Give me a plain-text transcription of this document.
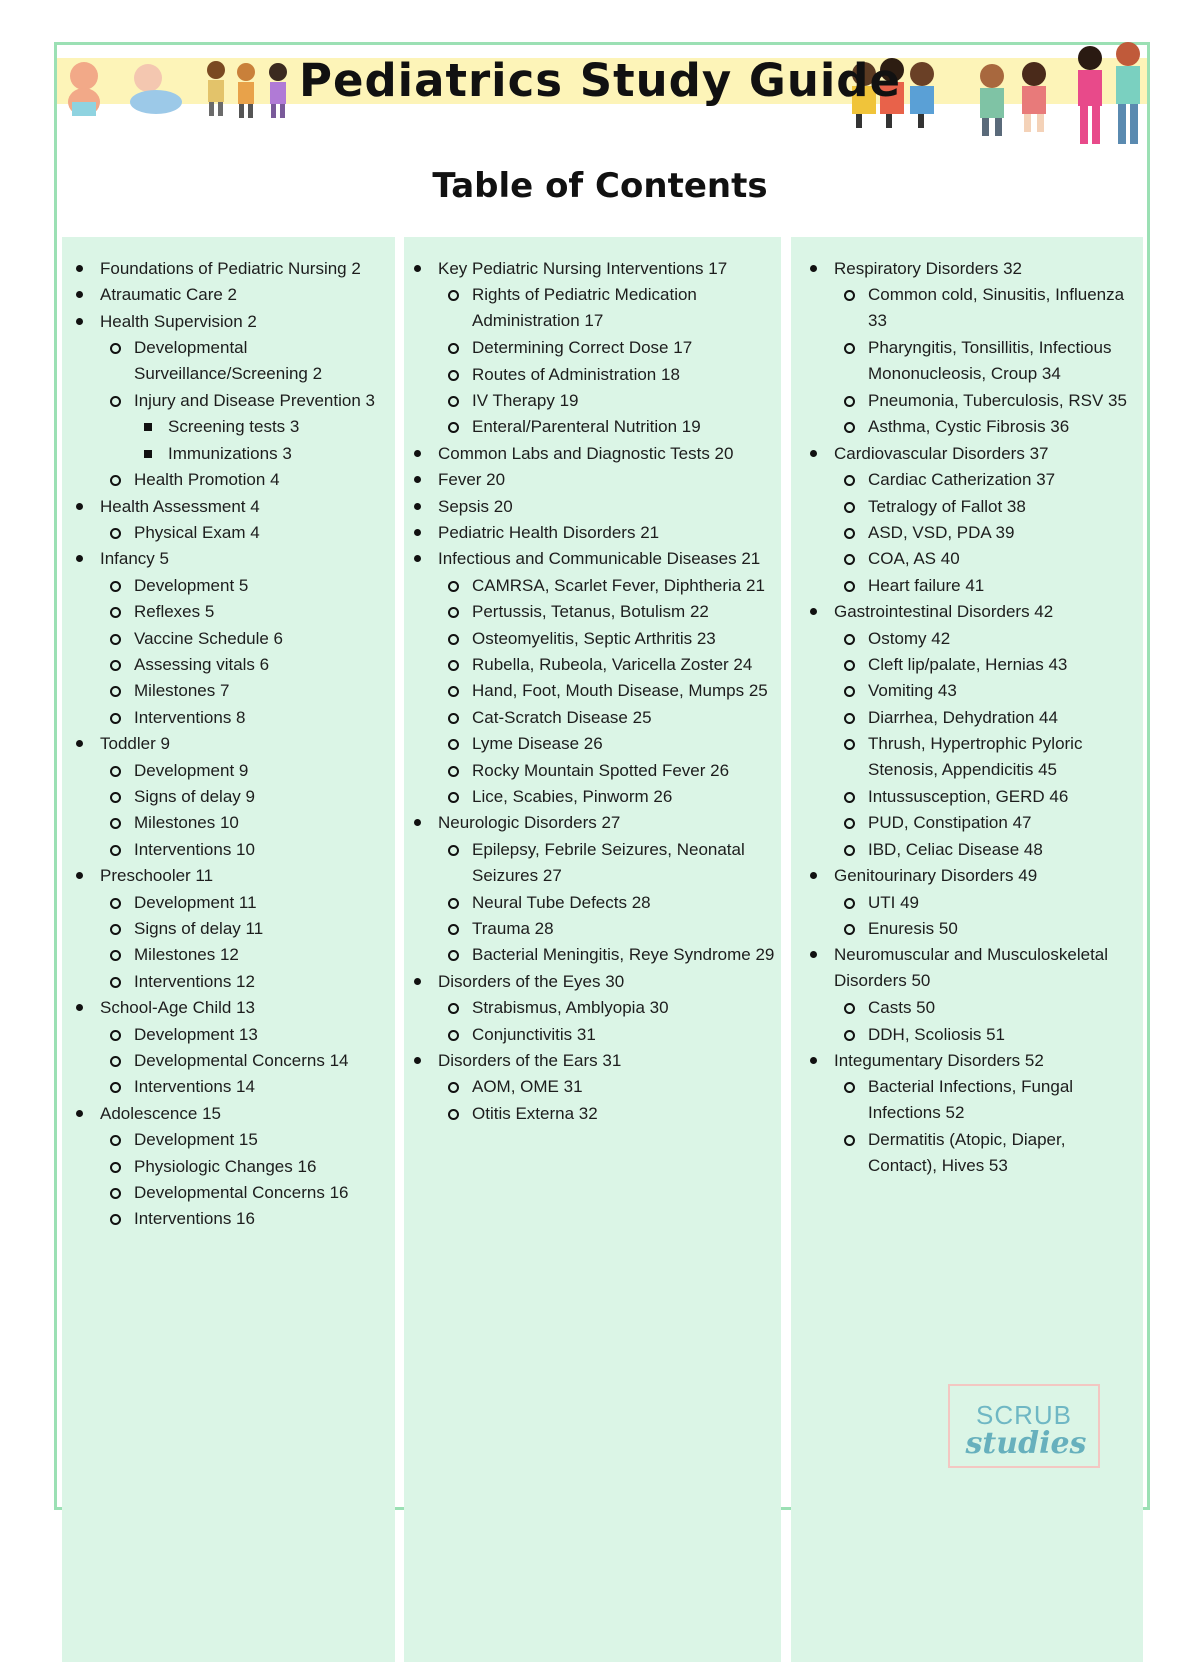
Pediatrics Study Guide
Table of Contents
Foundations of Pediatric Nursing 2
Atraumatic Care 2
Health Supervision 2
Developmental
Surveillance/Screening 2
Injury and Disease Prevention 3
Screening tests 3
Immunizations 3
Health Promotion 4
Health Assessment 4
Physical Exam 4
Infancy 5
Development 5
Reflexes 5
Vaccine Schedule 6
Assessing vitals 6
Milestones 7
Interventions 8
Toddler 9
Development 9
Signs of delay 9
Milestones 10
Interventions 10
Preschooler 11
Development 11
Signs of delay 11
Milestones 12
Interventions 12
School-Age Child 13
Development 13
Developmental Concerns 14
Interventions 14
Adolescence 15
Development 15
Physiologic Changes 16
Developmental Concerns 16
Interventions 16
Key Pediatric Nursing Interventions 17
Rights of Pediatric Medication
Administration 17
Determining Correct Dose 17
Routes of Administration 18
IV Therapy 19
Enteral/Parenteral Nutrition 19
Common Labs and Diagnostic Tests 20
Fever 20
Sepsis 20
Pediatric Health Disorders 21
Infectious and Communicable Diseases 21
CAMRSA, Scarlet Fever, Diphtheria 21
Pertussis, Tetanus, Botulism 22
Osteomyelitis, Septic Arthritis 23
Rubella, Rubeola, Varicella Zoster 24
Hand, Foot, Mouth Disease, Mumps 25
Cat-Scratch Disease 25
Lyme Disease 26
Rocky Mountain Spotted Fever 26
Lice, Scabies, Pinworm 26
Neurologic Disorders 27
Epilepsy, Febrile Seizures, Neonatal
Seizures 27
Neural Tube Defects 28
Trauma 28
Bacterial Meningitis, Reye Syndrome 29
Disorders of the Eyes 30
Strabismus, Amblyopia 30
Conjunctivitis 31
Disorders of the Ears 31
AOM, OME 31
Otitis Externa 32
Respiratory Disorders 32
Common cold, Sinusitis, Influenza
33
Pharyngitis, Tonsillitis, Infectious
Mononucleosis, Croup 34
Pneumonia, Tuberculosis, RSV 35
Asthma, Cystic Fibrosis 36
Cardiovascular Disorders 37
Cardiac Catherization 37
Tetralogy of Fallot 38
ASD, VSD, PDA 39
COA, AS 40
Heart failure 41
Gastrointestinal Disorders 42
Ostomy 42
Cleft lip/palate, Hernias 43
Vomiting 43
Diarrhea, Dehydration 44
Thrush, Hypertrophic Pyloric
Stenosis, Appendicitis 45
Intussusception, GERD 46
PUD, Constipation 47
IBD, Celiac Disease 48
Genitourinary Disorders 49
UTI 49
Enuresis 50
Neuromuscular and Musculoskeletal
Disorders 50
Casts 50
DDH, Scoliosis 51
Integumentary Disorders 52
Bacterial Infections, Fungal
Infections 52
Dermatitis (Atopic, Diaper,
Contact), Hives 53
SCRUB
studies
